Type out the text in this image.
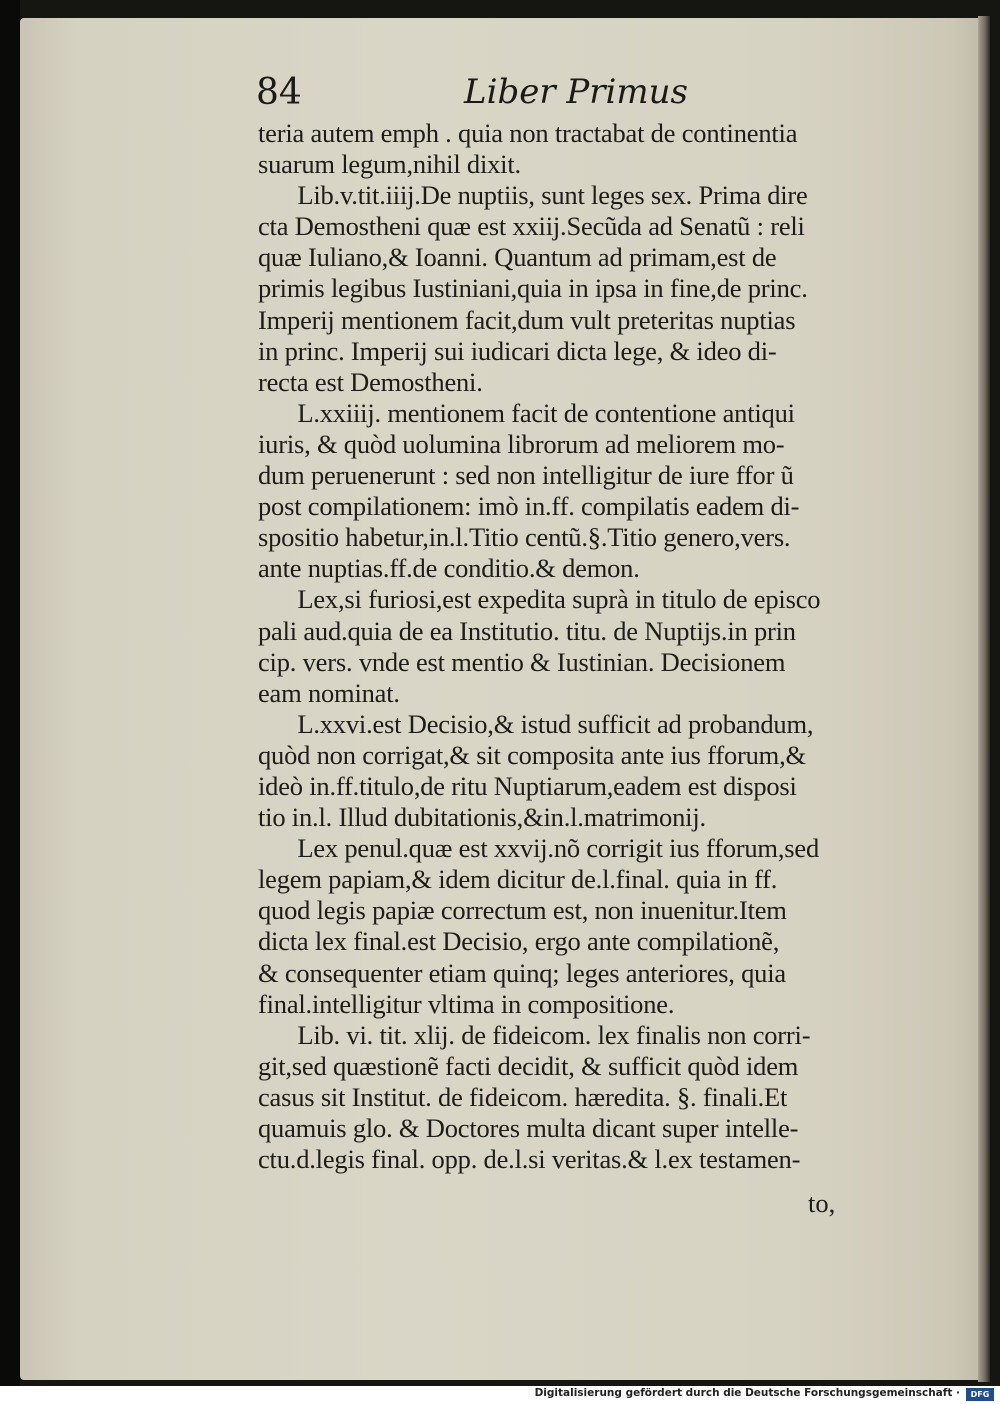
84	Liber Primus
teria autem emph . quia non tractabat de continentia
suarum legum,nihil dixit.
  Lib.v.tit.iiij.De nuptiis, sunt leges sex. Prima dire
cta Demostheni quæ est xxiij.Secũda ad Senatũ : reli
quæ Iuliano,& Ioanni. Quantum ad primam,est de
primis legibus Iustiniani,quia in ipsa in fine,de princ.
Imperij mentionem facit,dum vult preteritas nuptias
in princ. Imperij sui iudicari dicta lege, & ideo di-
recta est Demostheni.
  L.xxiiij. mentionem facit de contentione antiqui
iuris, & quòd uolumina librorum ad meliorem mo-
dum peruenerunt : sed non intelligitur de iure ffor ũ
post compilationem: imò in.ff. compilatis eadem di-
spositio habetur,in.l.Titio centũ.§.Titio genero,vers.
ante nuptias.ff.de conditio.& demon.
  Lex,si furiosi,est expedita suprà in titulo de episco
pali aud.quia de ea Institutio. titu. de Nuptijs.in prin
cip. vers. vnde est mentio & Iustinian. Decisionem
eam nominat.
  L.xxvi.est Decisio,& istud sufficit ad probandum,
quòd non corrigat,& sit composita ante ius fforum,&
ideò in.ff.titulo,de ritu Nuptiarum,eadem est disposi
tio in.l. Illud dubitationis,&in.l.matrimonij.
  Lex penul.quæ est xxvij.nõ corrigit ius fforum,sed
legem papiam,& idem dicitur de.l.final. quia in ff.
quod legis papiæ correctum est, non inuenitur.Item
dicta lex final.est Decisio, ergo ante compilationẽ,
& consequenter etiam quinq; leges anteriores, quia
final.intelligitur vltima in compositione.
  Lib. vi. tit. xlij. de fideicom. lex finalis non corri-
git,sed quæstionẽ facti decidit, & sufficit quòd idem
casus sit Institut. de fideicom. hæredita. §. finali.Et
quamuis glo. & Doctores multa dicant super intelle-
ctu.d.legis final. opp. de.l.si veritas.& l.ex testamen-
to,
Digitalisierung gefördert durch die Deutsche Forschungsgemeinschaft ·	DFG
